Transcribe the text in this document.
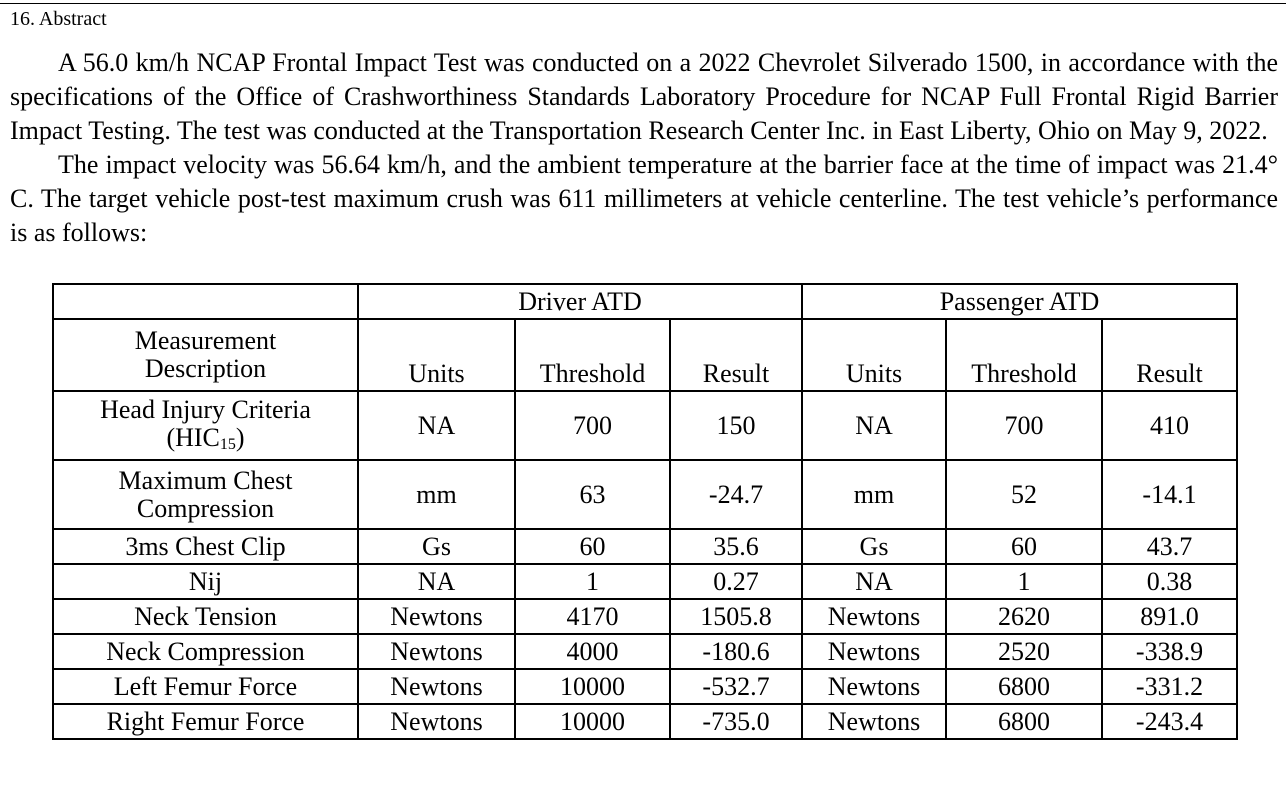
16. Abstract

A 56.0 km/h NCAP Frontal Impact Test was conducted on a 2022 Chevrolet Silverado 1500, in accordance with the specifications of the Office of Crashworthiness Standards Laboratory Procedure for NCAP Full Frontal Rigid Barrier Impact Testing. The test was conducted at the Transportation Research Center Inc. in East Liberty, Ohio on May 9, 2022.

The impact velocity was 56.64 km/h, and the ambient temperature at the barrier face at the time of impact was 21.4° C. The target vehicle post-test maximum crush was 611 millimeters at vehicle centerline. The test vehicle’s performance is as follows:

	Driver ATD			Passenger ATD		
Measurement
Description	Units	Threshold	Result	Units	Threshold	Result
Head Injury Criteria
$(HIC_{15})$	NA	700	150	NA	700	410
Maximum Chest
Compression	mm	63	-24.7	mm	52	-14.1
3ms Chest Clip	Gs	60	35.6	Gs	60	43.7
Nij	NA	1	0.27	NA	1	0.38
Neck Tension	Newtons	4170	1505.8	Newtons	2620	891.0
Neck Compression	Newtons	4000	-180.6	Newtons	2520	-338.9
Left Femur Force	Newtons	10000	-532.7	Newtons	6800	-331.2
Right Femur Force	Newtons	10000	-735.0	Newtons	6800	-243.4
